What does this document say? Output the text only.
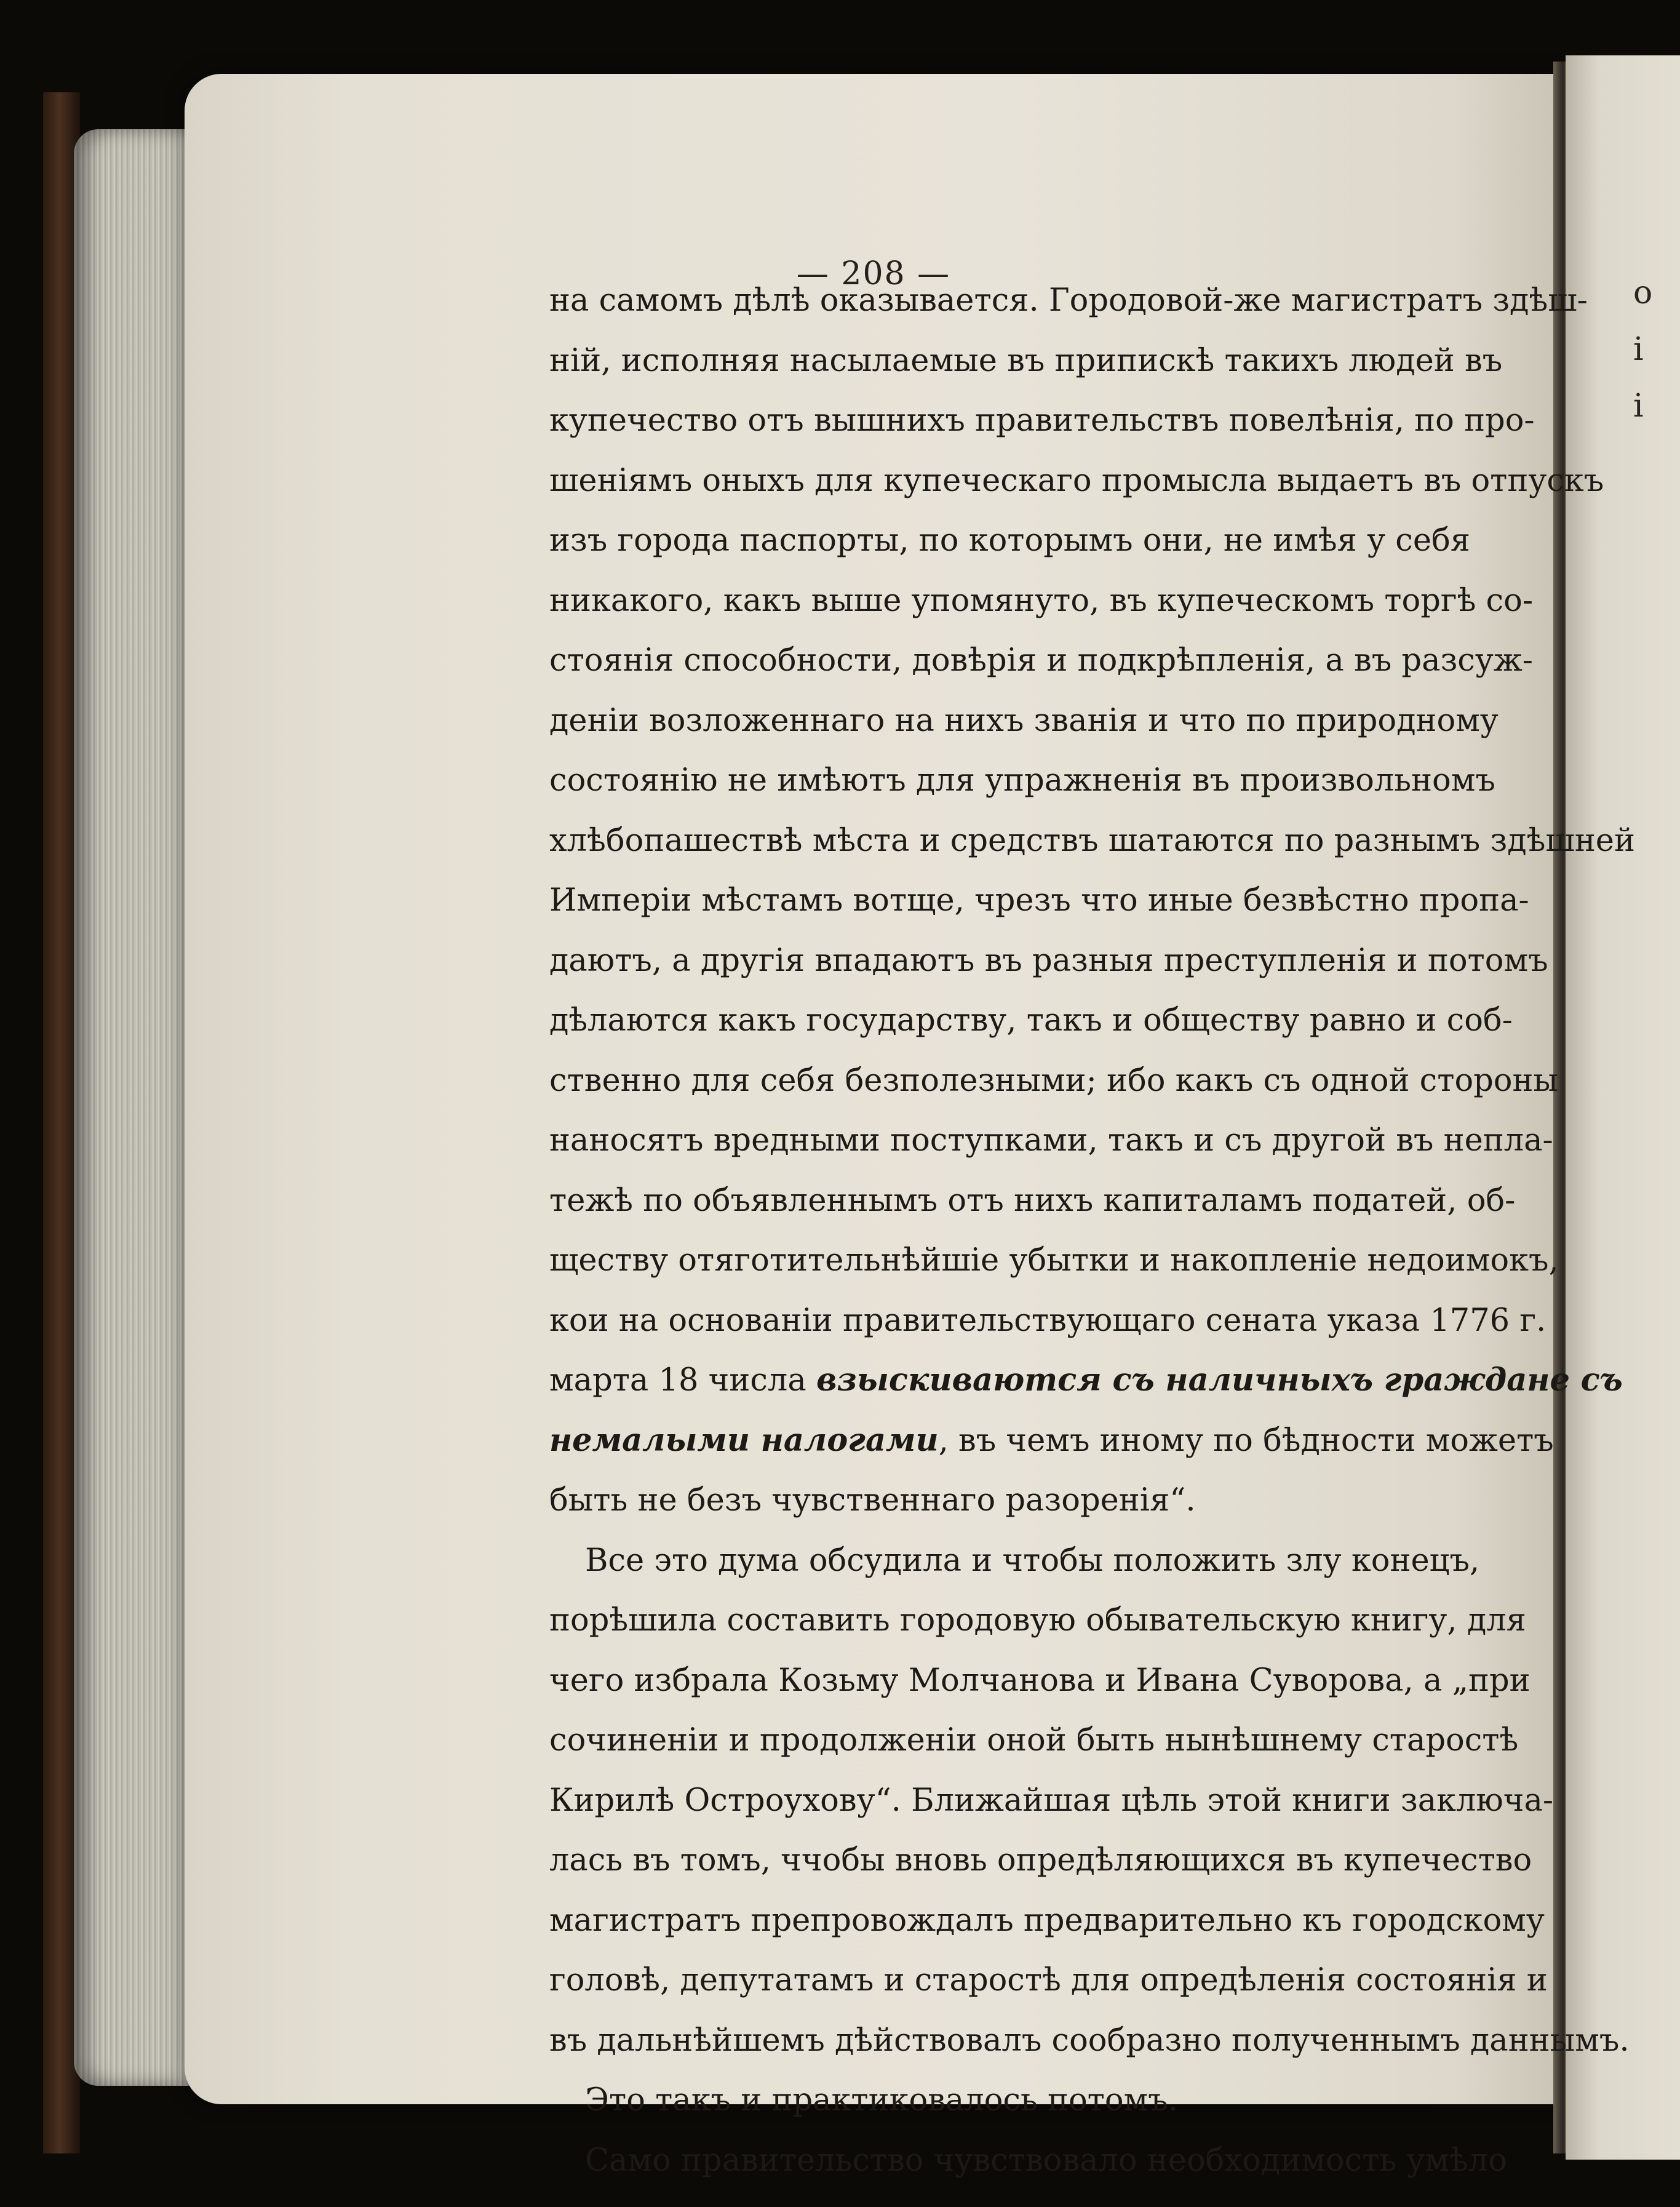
— 208 —
о
і
і
на самомъ дѣлѣ оказывается. Городовой-же магистратъ здѣш-
ній, исполняя насылаемые въ припискѣ такихъ людей въ
купечество отъ вышнихъ правительствъ повелѣнія, по про-
шеніямъ оныхъ для купеческаго промысла выдаетъ въ отпускъ
изъ города паспорты, по которымъ они, не имѣя у себя
никакого, какъ выше упомянуто, въ купеческомъ торгѣ со-
стоянія способности, довѣрія и подкрѣпленія, а въ разсуж-
деніи возложеннаго на нихъ званія и что по природному
состоянію не имѣютъ для упражненія въ произвольномъ
хлѣбопашествѣ мѣста и средствъ шатаются по разнымъ здѣшней
Имперіи мѣстамъ вотще, чрезъ что иные безвѣстно пропа-
даютъ, а другія впадаютъ въ разныя преступленія и потомъ
дѣлаются какъ государству, такъ и обществу равно и соб-
ственно для себя безполезными; ибо какъ съ одной стороны
наносятъ вредными поступками, такъ и съ другой въ непла-
тежѣ по объявленнымъ отъ нихъ капиталамъ податей, об-
ществу отяготительнѣйшіе убытки и накопленіе недоимокъ,
кои на основаніи правительствующаго сената указа 1776 г.
марта 18 числа взыскиваются съ наличныхъ граждане съ
немалыми налогами, въ чемъ иному по бѣдности можетъ
быть не безъ чувственнаго разоренія“.
Все это дума обсудила и чтобы положить злу конецъ,
порѣшила составить городовую обывательскую книгу, для
чего избрала Козьму Молчанова и Ивана Суворова, а „при
сочиненіи и продолженіи оной быть нынѣшнему старостѣ
Кирилѣ Остроухову“. Ближайшая цѣль этой книги заключа-
лась въ томъ, ччобы вновь опредѣляющихся въ купечество
магистратъ препровождалъ предварительно къ городскому
головѣ, депутатамъ и старостѣ для опредѣленія состоянія и
въ дальнѣйшемъ дѣйствовалъ сообразно полученнымъ даннымъ.
Это такъ и практиковалось потомъ.
Само правительство чувствовало необходимость умѣло
